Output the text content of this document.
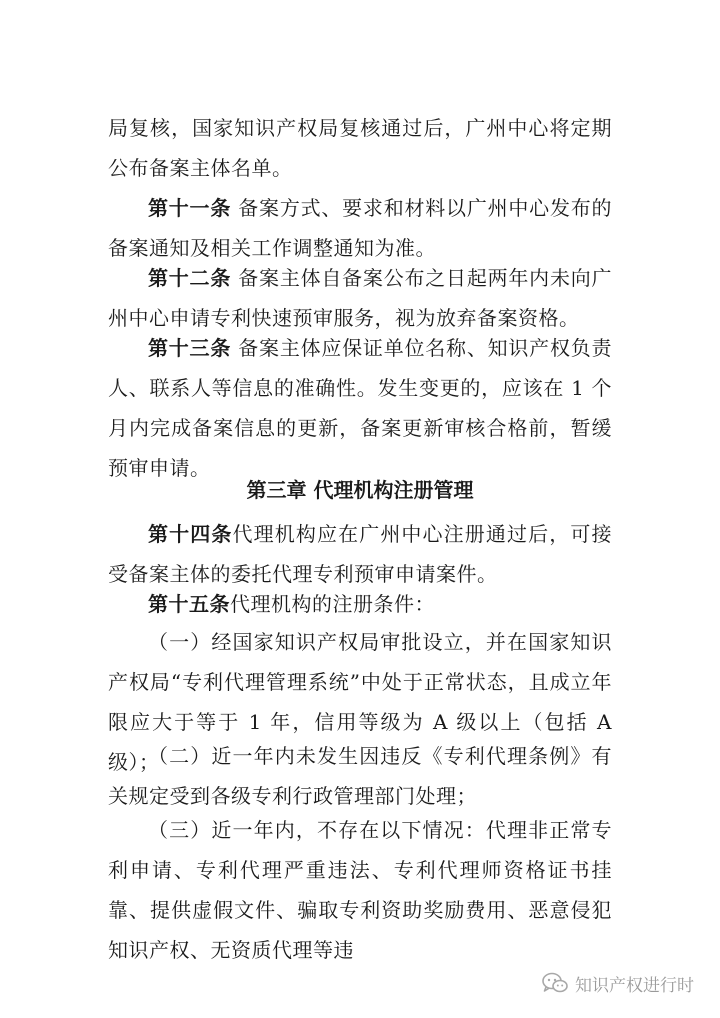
局复核，国家知识产权局复核通过后，广州中心将定期公布备案主体名单。

第十一条 备案方式、要求和材料以广州中心发布的备案通知及相关工作调整通知为准。

第十二条 备案主体自备案公布之日起两年内未向广州中心申请专利快速预审服务，视为放弃备案资格。

第十三条 备案主体应保证单位名称、知识产权负责人、联系人等信息的准确性。发生变更的，应该在 1 个月内完成备案信息的更新，备案更新审核合格前，暂缓预审申请。

第三章 代理机构注册管理

第十四条代理机构应在广州中心注册通过后，可接受备案主体的委托代理专利预审申请案件。

第十五条代理机构的注册条件：

（一）经国家知识产权局审批设立，并在国家知识产权局“专利代理管理系统”中处于正常状态，且成立年限应大于等于 1 年，信用等级为 A 级以上（包括 A 级）；

（二）近一年内未发生因违反《专利代理条例》有关规定受到各级专利行政管理部门处理；

（三）近一年内，不存在以下情况：代理非正常专利申请、专利代理严重违法、专利代理师资格证书挂靠、提供虚假文件、骗取专利资助奖励费用、恶意侵犯知识产权、无资质代理等违

知识产权进行时
